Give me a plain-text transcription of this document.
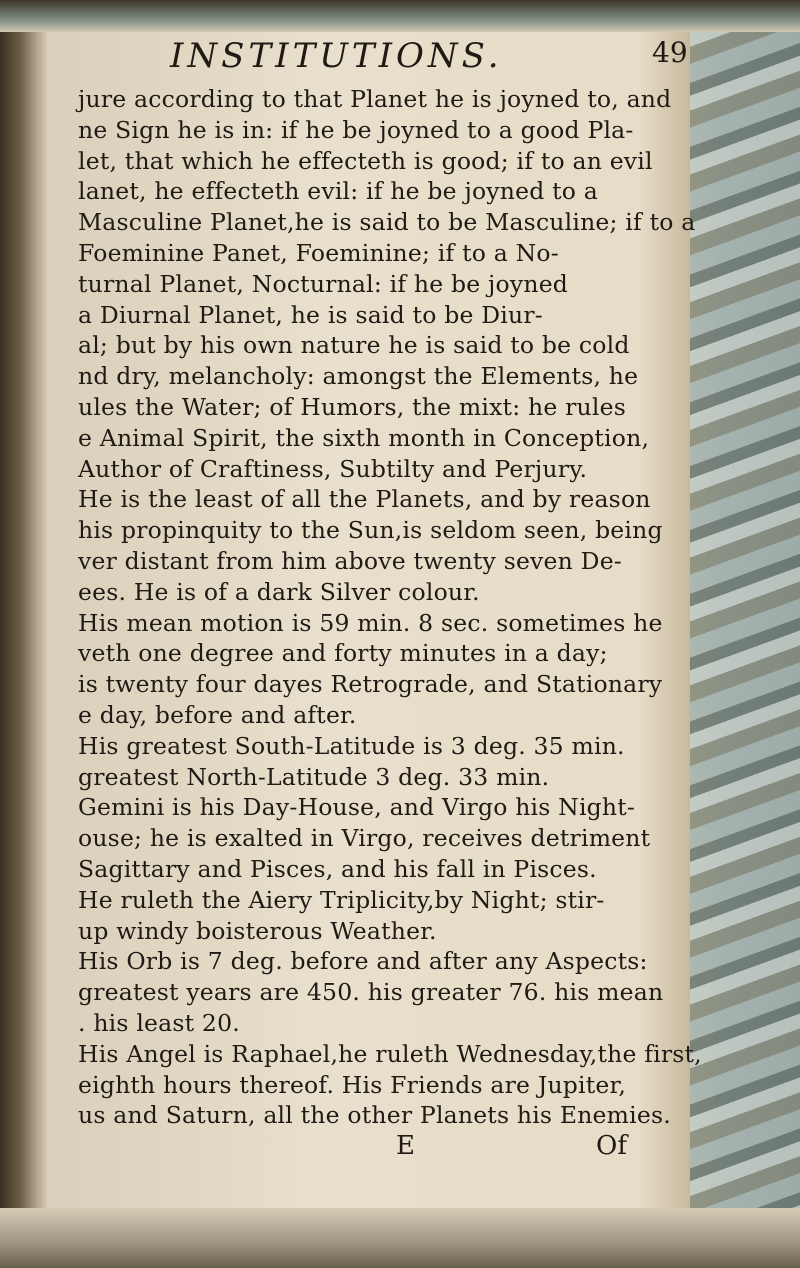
INSTITUTIONS.	49
jure according to that Planet he is joyned to, and
ne Sign he is in: if he be joyned to a good Pla-
let, that which he effecteth is good; if to an evil
lanet, he effecteth evil: if he be joyned to a
Masculine Planet,he is said to be Masculine; if to a
Foeminine Panet, Foeminine; if to a No-
turnal Planet, Nocturnal: if he be joyned
a Diurnal Planet, he is said to be Diur-
al; but by his own nature he is said to be cold
nd dry, melancholy: amongst the Elements, he
ules the Water; of Humors, the mixt: he rules
e Animal Spirit, the sixth month in Conception,
Author of Craftiness, Subtilty and Perjury.
He is the least of all the Planets, and by reason
his propinquity to the Sun,is seldom seen, being
ver distant from him above twenty seven De-
ees. He is of a dark Silver colour.
His mean motion is 59 min. 8 sec. sometimes he
veth one degree and forty minutes in a day;
is twenty four dayes Retrograde, and Stationary
e day, before and after.
His greatest South-Latitude is 3 deg. 35 min.
greatest North-Latitude 3 deg. 33 min.
Gemini is his Day-House, and Virgo his Night-
ouse; he is exalted in Virgo, receives detriment
Sagittary and Pisces, and his fall in Pisces.
He ruleth the Aiery Triplicity,by Night; stir-
up windy boisterous Weather.
His Orb is 7 deg. before and after any Aspects:
greatest years are 450. his greater 76. his mean
. his least 20.
His Angel is Raphael,he ruleth Wednesday,the first,
eighth hours thereof. His Friends are Jupiter,
us and Saturn, all the other Planets his Enemies.
E	Of
